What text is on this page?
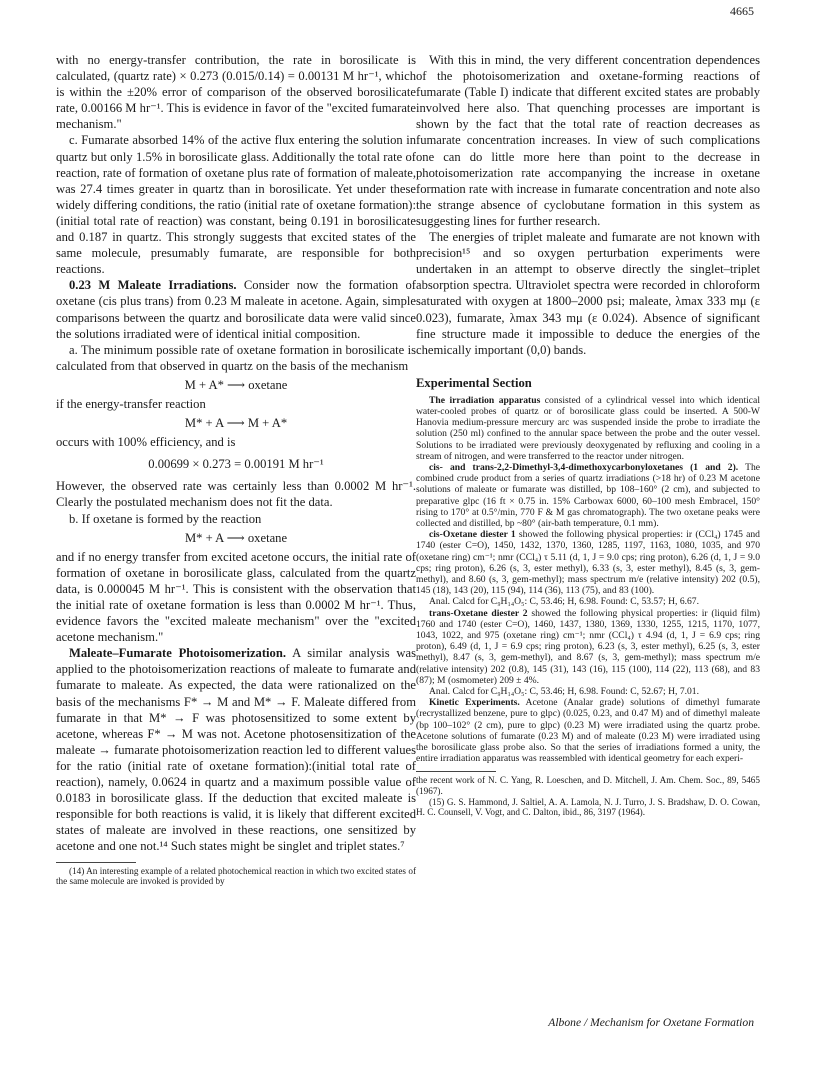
4665

with no energy-transfer contribution, the rate in borosilicate is calculated, (quartz rate) × 0.273 (0.015/0.14) = 0.00131 M hr⁻¹, which is within the ±20% error of comparison of the observed borosilicate rate, 0.00166 M hr⁻¹. This is evidence in favor of the "excited fumarate mechanism."

c. Fumarate absorbed 14% of the active flux entering the solution in quartz but only 1.5% in borosilicate glass. Additionally the total rate of reaction, rate of formation of oxetane plus rate of formation of maleate, was 27.4 times greater in quartz than in borosilicate. Yet under these widely differing conditions, the ratio (initial rate of oxetane formation):(initial total rate of reaction) was constant, being 0.191 in borosilicate and 0.187 in quartz. This strongly suggests that excited states of the same molecule, presumably fumarate, are responsible for both reactions.

0.23 M Maleate Irradiations. Consider now the formation of oxetane (cis plus trans) from 0.23 M maleate in acetone. Again, simple comparisons between the quartz and borosilicate data were valid since the solutions irradiated were of identical initial composition.

a. The minimum possible rate of oxetane formation in borosilicate is calculated from that observed in quartz on the basis of the mechanism

M + A* ⟶ oxetane

if the energy-transfer reaction

M* + A ⟶ M + A*

occurs with 100% efficiency, and is

0.00699 × 0.273 = 0.00191 M hr⁻¹

However, the observed rate was certainly less than 0.0002 M hr⁻¹. Clearly the postulated mechanism does not fit the data.

b. If oxetane is formed by the reaction

M* + A ⟶ oxetane

and if no energy transfer from excited acetone occurs, the initial rate of formation of oxetane in borosilicate glass, calculated from the quartz data, is 0.000045 M hr⁻¹. This is consistent with the observation that the initial rate of oxetane formation is less than 0.0002 M hr⁻¹. Thus, evidence favors the "excited maleate mechanism" over the "excited acetone mechanism."

Maleate–Fumarate Photoisomerization. A similar analysis was applied to the photoisomerization reactions of maleate to fumarate and fumarate to maleate. As expected, the data were rationalized on the basis of the mechanisms F* → M and M* → F. Maleate differed from fumarate in that M* → F was photosensitized to some extent by acetone, whereas F* → M was not. Acetone photosensitization of the maleate → fumarate photoisomerization reaction led to different values for the ratio (initial rate of oxetane formation):(initial total rate of reaction), namely, 0.0624 in quartz and a maximum possible value of 0.0183 in borosilicate glass. If the deduction that excited maleate is responsible for both reactions is valid, it is likely that different excited states of maleate are involved in these reactions, one sensitized by acetone and one not.¹⁴ Such states might be singlet and triplet states.⁷

(14) An interesting example of a related photochemical reaction in which two excited states of the same molecule are invoked is provided by

With this in mind, the very different concentration dependences of the photoisomerization and oxetane-forming reactions of fumarate (Table I) indicate that different excited states are probably involved here also. That quenching processes are important is shown by the fact that the total rate of reaction decreases as fumarate concentration increases. In view of such complications one can do little more here than point to the decrease in photoisomerization rate accompanying the increase in oxetane formation rate with increase in fumarate concentration and note also the strange absence of cyclobutane formation in this system as suggesting lines for further research.

The energies of triplet maleate and fumarate are not known with precision¹⁵ and so oxygen perturbation experiments were undertaken in an attempt to observe directly the singlet–triplet absorption spectra. Ultraviolet spectra were recorded in chloroform saturated with oxygen at 1800–2000 psi; maleate, λmax 333 mμ (ε 0.023), fumarate, λmax 343 mμ (ε 0.024). Absence of significant fine structure made it impossible to deduce the energies of the chemically important (0,0) bands.

Experimental Section

The irradiation apparatus consisted of a cylindrical vessel into which identical water-cooled probes of quartz or of borosilicate glass could be inserted. A 500-W Hanovia medium-pressure mercury arc was suspended inside the probe to irradiate the solution (250 ml) confined to the annular space between the probe and the outer vessel. Solutions to be irradiated were previously deoxygenated by refluxing and cooling in a stream of nitrogen, and were transferred to the reactor under nitrogen.

cis- and trans-2,2-Dimethyl-3,4-dimethoxycarbonyloxetanes (1 and 2). The combined crude product from a series of quartz irradiations (>18 hr) of 0.23 M acetone solutions of maleate or fumarate was distilled, bp 108–160° (2 cm), and subjected to preparative glpc (16 ft × 0.75 in. 15% Carbowax 6000, 60–100 mesh Embracel, 150° rising to 170° at 0.5°/min, 770 F & M gas chromatograph). The two oxetane peaks were collected and distilled, bp ~80° (air-bath temperature, 0.1 mm).

cis-Oxetane diester 1 showed the following physical properties: ir (CCl₄) 1745 and 1740 (ester C=O), 1450, 1432, 1370, 1360, 1285, 1197, 1163, 1080, 1035, and 970 (oxetane ring) cm⁻¹; nmr (CCl₄) τ 5.11 (d, 1, J = 9.0 cps; ring proton), 6.26 (d, 1, J = 9.0 cps; ring proton), 6.26 (s, 3, ester methyl), 6.33 (s, 3, ester methyl), 8.45 (s, 3, gem-methyl), and 8.60 (s, 3, gem-methyl); mass spectrum m/e (relative intensity) 202 (0.5), 145 (18), 143 (20), 115 (94), 114 (36), 113 (75), and 83 (100).

Anal. Calcd for C₉H₁₄O₅: C, 53.46; H, 6.98. Found: C, 53.57; H, 6.67.

trans-Oxetane diester 2 showed the following physical properties: ir (liquid film) 1760 and 1740 (ester C=O), 1460, 1437, 1380, 1369, 1330, 1255, 1215, 1170, 1077, 1043, 1022, and 975 (oxetane ring) cm⁻¹; nmr (CCl₄) τ 4.94 (d, 1, J = 6.9 cps; ring proton), 6.49 (d, 1, J = 6.9 cps; ring proton), 6.23 (s, 3, ester methyl), 6.25 (s, 3, ester methyl), 8.47 (s, 3, gem-methyl), and 8.67 (s, 3, gem-methyl); mass spectrum m/e (relative intensity) 202 (0.8), 145 (31), 143 (16), 115 (100), 114 (22), 113 (68), and 83 (87); M (osmometer) 209 ± 4%.

Anal. Calcd for C₉H₁₄O₅: C, 53.46; H, 6.98. Found: C, 52.67; H, 7.01.

Kinetic Experiments. Acetone (Analar grade) solutions of dimethyl fumarate (recrystallized benzene, pure to glpc) (0.025, 0.23, and 0.47 M) and of dimethyl maleate (bp 100–102° (2 cm), pure to glpc) (0.23 M) were irradiated using the quartz probe. Acetone solutions of fumarate (0.23 M) and of maleate (0.23 M) were irradiated using the borosilicate glass probe also. So that the series of irradiations formed a unity, the entire irradiation apparatus was reassembled with identical geometry for each experi-

the recent work of N. C. Yang, R. Loeschen, and D. Mitchell, J. Am. Chem. Soc., 89, 5465 (1967).

(15) G. S. Hammond, J. Saltiel, A. A. Lamola, N. J. Turro, J. S. Bradshaw, D. O. Cowan, H. C. Counsell, V. Vogt, and C. Dalton, ibid., 86, 3197 (1964).

Albone / Mechanism for Oxetane Formation
